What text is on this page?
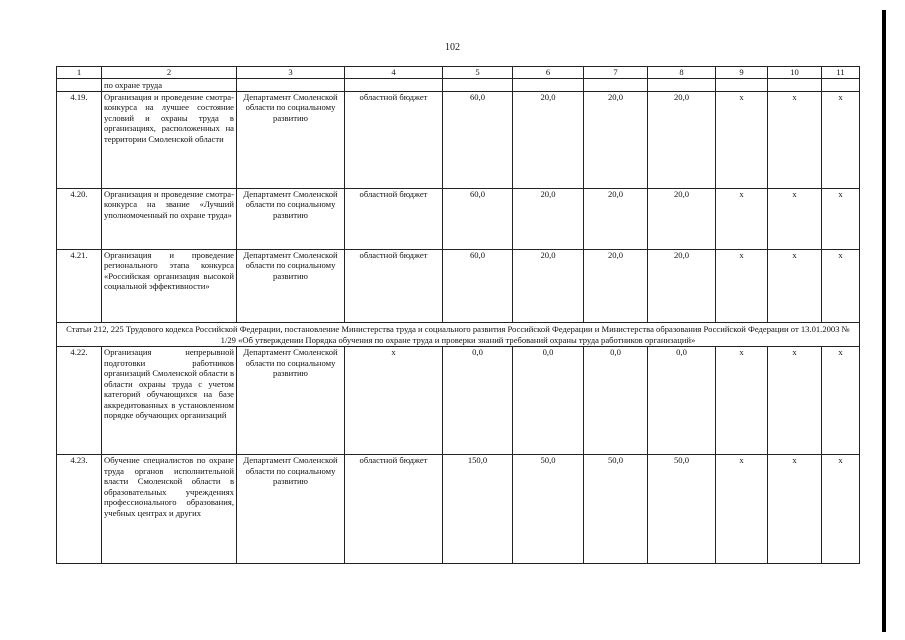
102
1	2	3	4	5	6	7	8	9	10	11
	по охране труда									
4.19.	Организация и проведение смотра-конкурса на лучшее состояние условий и охраны труда в организациях, расположенных на территории Смоленской области	Департамент Смоленской области по социальному развитию	областной бюджет	60,0	20,0	20,0	20,0	x	x	x
4.20.	Организация и проведение смотра-конкурса на звание «Лучший уполномоченный по охране труда»	Департамент Смоленской области по социальному развитию	областной бюджет	60,0	20,0	20,0	20,0	x	x	x
4.21.	Организация и проведение регионального этапа конкурса «Российская организация высокой социальной эффективности»	Департамент Смоленской области по социальному развитию	областной бюджет	60,0	20,0	20,0	20,0	x	x	x
Статьи 212, 225 Трудового кодекса Российской Федерации, постановление Министерства труда и социального развития Российской Федерации и Министерства образования Российской Федерации от 13.01.2003 № 1/29 «Об утверждении Порядка обучения по охране труда и проверки знаний требований охраны труда работников организаций»										
4.22.	Организация непрерывной подготовки работников организаций Смоленской области в области охраны труда с учетом категорий обучающихся на базе аккредитованных в установленном порядке обучающих организаций	Департамент Смоленской области по социальному развитию	x	0,0	0,0	0,0	0,0	x	x	x
4.23.	Обучение специалистов по охране труда органов исполнительной власти Смоленской области в образовательных учреждениях профессионального образования, учебных центрах и других	Департамент Смоленской области по социальному развитию	областной бюджет	150,0	50,0	50,0	50,0	x	x	x
